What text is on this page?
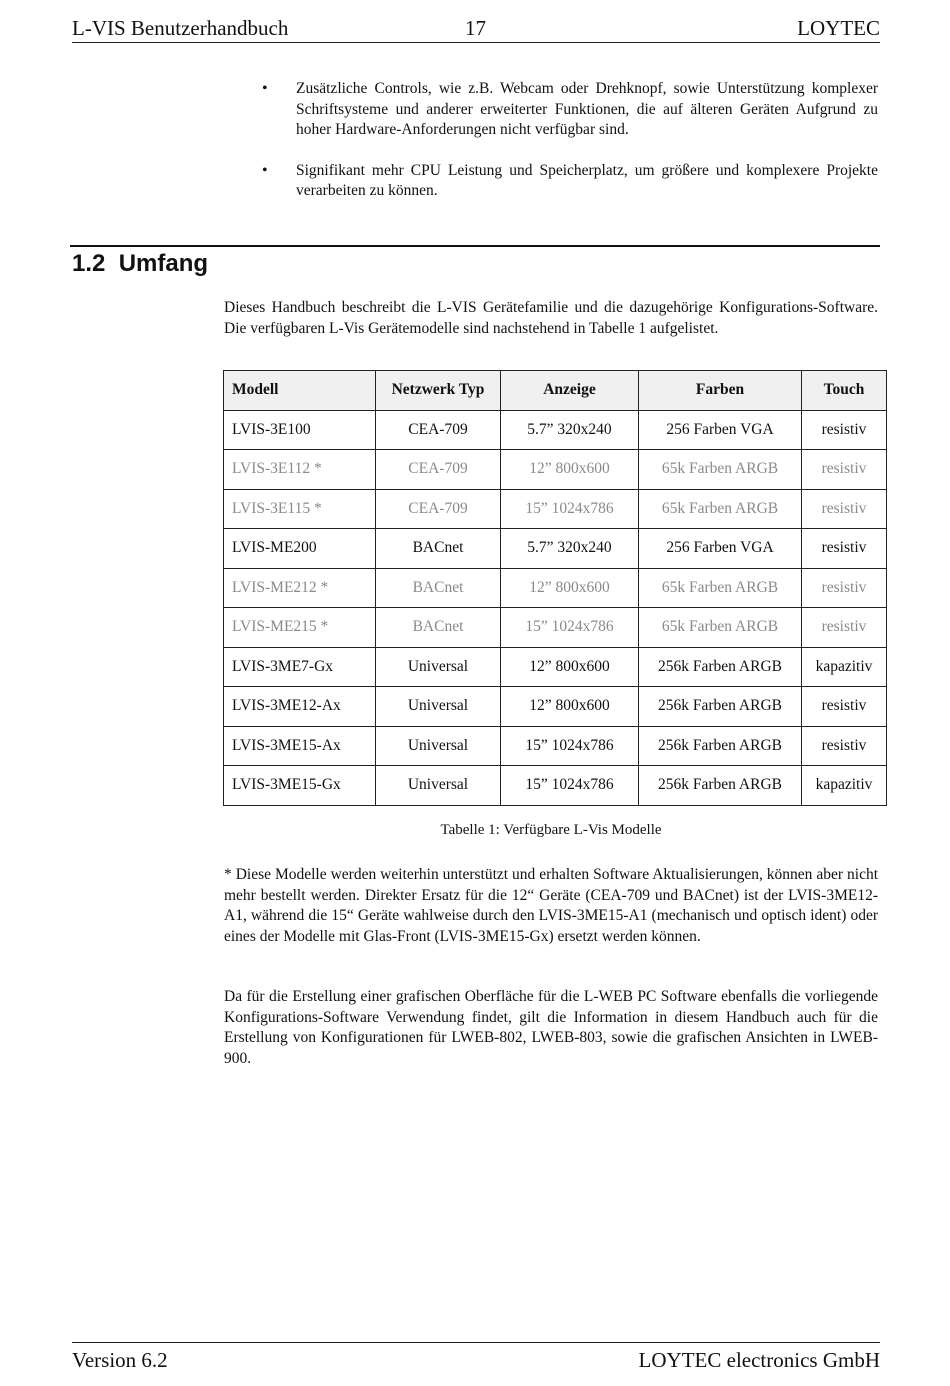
L-VIS Benutzerhandbuch	17	LOYTEC
• Zusätzliche Controls, wie z.B. Webcam oder Drehknopf, sowie Unterstützung komplexer Schriftsysteme und anderer erweiterter Funktionen, die auf älteren Geräten Aufgrund zu hoher Hardware-Anforderungen nicht verfügbar sind.
• Signifikant mehr CPU Leistung und Speicherplatz, um größere und komplexere Projekte verarbeiten zu können.
1.2 Umfang
Dieses Handbuch beschreibt die L-VIS Gerätefamilie und die dazugehörige Konfigurations-Software. Die verfügbaren L-Vis Gerätemodelle sind nachstehend in Tabelle 1 aufgelistet.
Modell	Netzwerk Typ	Anzeige	Farben	Touch
LVIS-3E100	CEA-709	5.7” 320x240	256 Farben VGA	resistiv
LVIS-3E112 *	CEA-709	12” 800x600	65k Farben ARGB	resistiv
LVIS-3E115 *	CEA-709	15” 1024x786	65k Farben ARGB	resistiv
LVIS-ME200	BACnet	5.7” 320x240	256 Farben VGA	resistiv
LVIS-ME212 *	BACnet	12” 800x600	65k Farben ARGB	resistiv
LVIS-ME215 *	BACnet	15” 1024x786	65k Farben ARGB	resistiv
LVIS-3ME7-Gx	Universal	12” 800x600	256k Farben ARGB	kapazitiv
LVIS-3ME12-Ax	Universal	12” 800x600	256k Farben ARGB	resistiv
LVIS-3ME15-Ax	Universal	15” 1024x786	256k Farben ARGB	resistiv
LVIS-3ME15-Gx	Universal	15” 1024x786	256k Farben ARGB	kapazitiv
Tabelle 1: Verfügbare L-Vis Modelle
* Diese Modelle werden weiterhin unterstützt und erhalten Software Aktualisierungen, können aber nicht mehr bestellt werden. Direkter Ersatz für die 12“ Geräte (CEA-709 und BACnet) ist der LVIS-3ME12-A1, während die 15“ Geräte wahlweise durch den LVIS-3ME15-A1 (mechanisch und optisch ident) oder eines der Modelle mit Glas-Front (LVIS-3ME15-Gx) ersetzt werden können.
Da für die Erstellung einer grafischen Oberfläche für die L-WEB PC Software ebenfalls die vorliegende Konfigurations-Software Verwendung findet, gilt die Information in diesem Handbuch auch für die Erstellung von Konfigurationen für LWEB-802, LWEB-803, sowie die grafischen Ansichten in LWEB-900.
Version 6.2	LOYTEC electronics GmbH
